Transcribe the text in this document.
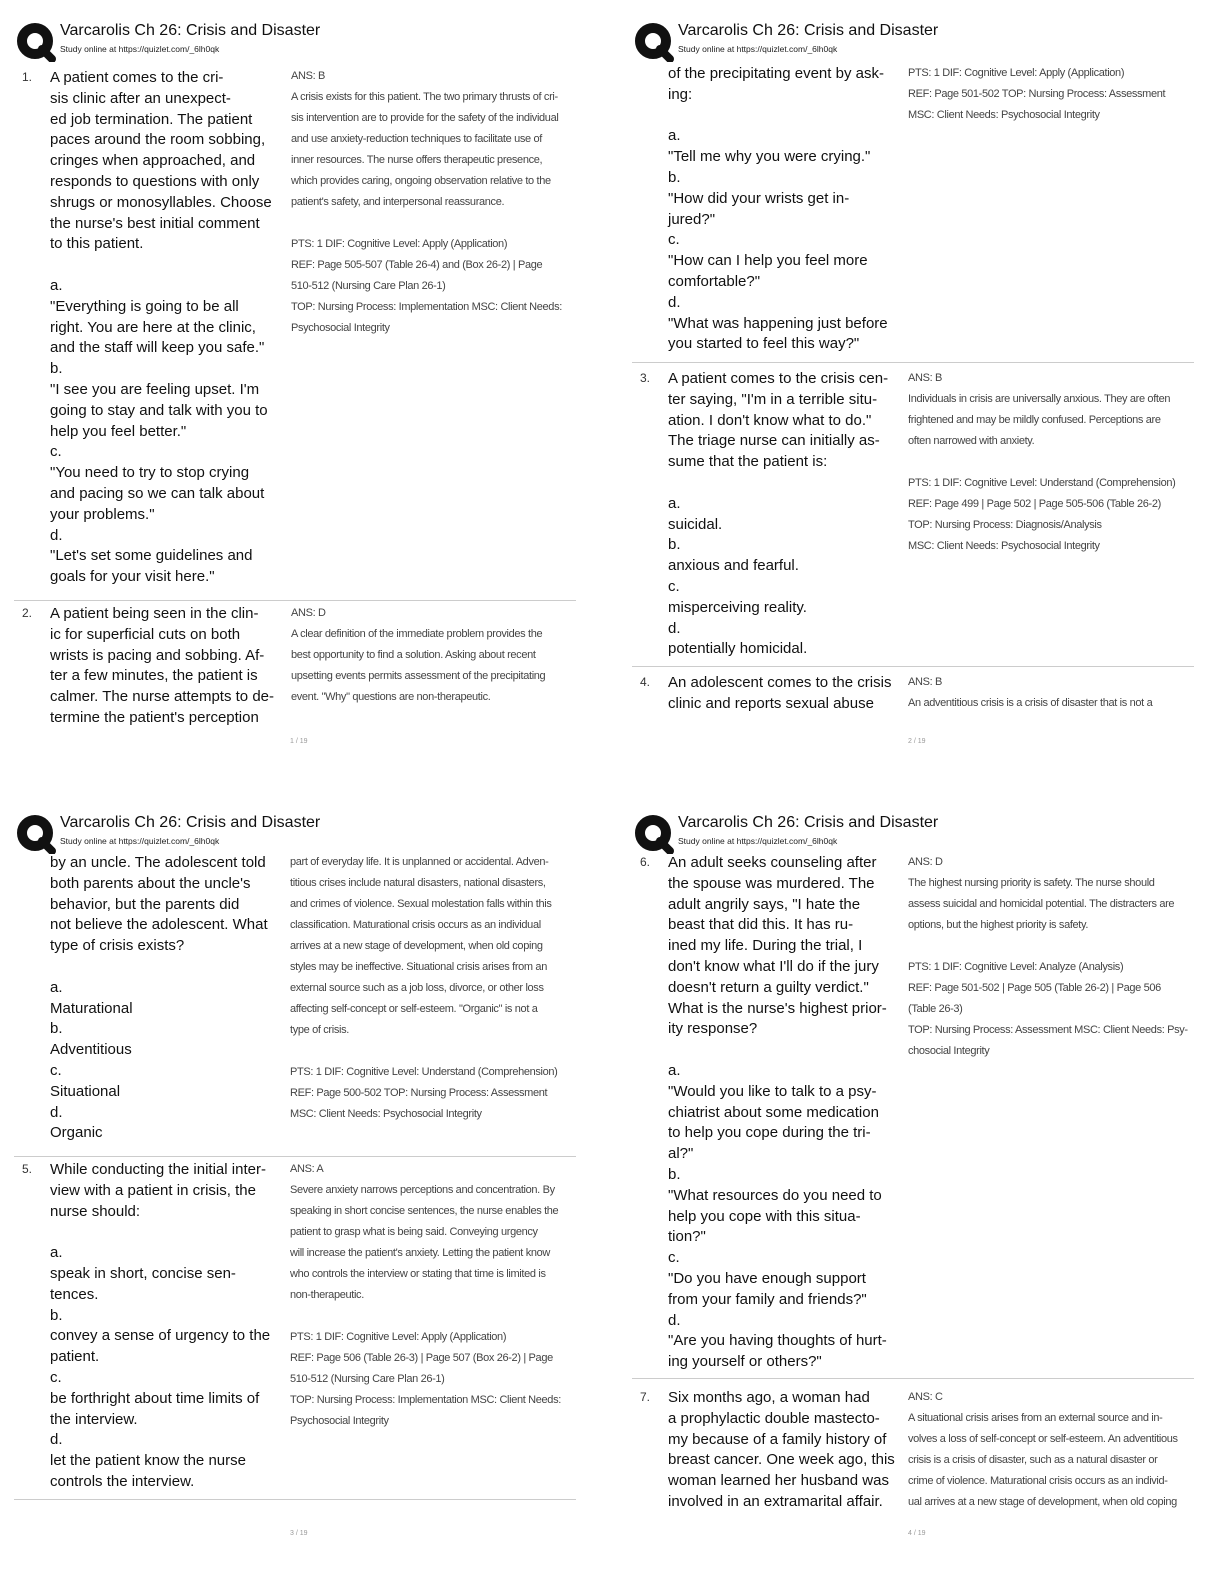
Varcarolis Ch 26: Crisis and Disaster
Study online at https://quizlet.com/_6lh0qk
1. A patient comes to the cri-
sis clinic after an unexpect-
ed job termination. The patient
paces around the room sobbing,
cringes when approached, and
responds to questions with only
shrugs or monosyllables. Choose
the nurse's best initial comment
to this patient.

a.
"Everything is going to be all
right. You are here at the clinic,
and the staff will keep you safe."
b.
"I see you are feeling upset. I'm
going to stay and talk with you to
help you feel better."
c.
"You need to try to stop crying
and pacing so we can talk about
your problems."
d.
"Let's set some guidelines and
goals for your visit here."
ANS: B
A crisis exists for this patient. The two primary thrusts of cri-
sis intervention are to provide for the safety of the individual
and use anxiety-reduction techniques to facilitate use of
inner resources. The nurse offers therapeutic presence,
which provides caring, ongoing observation relative to the
patient's safety, and interpersonal reassurance.

PTS: 1 DIF: Cognitive Level: Apply (Application)
REF: Page 505-507 (Table 26-4) and (Box 26-2) | Page
510-512 (Nursing Care Plan 26-1)
TOP: Nursing Process: Implementation MSC: Client Needs:
Psychosocial Integrity
2. A patient being seen in the clin-
ic for superficial cuts on both
wrists is pacing and sobbing. Af-
ter a few minutes, the patient is
calmer. The nurse attempts to de-
termine the patient's perception
ANS: D
A clear definition of the immediate problem provides the
best opportunity to find a solution. Asking about recent
upsetting events permits assessment of the precipitating
event. "Why" questions are non-therapeutic.
1 / 19
Varcarolis Ch 26: Crisis and Disaster
Study online at https://quizlet.com/_6lh0qk
of the precipitating event by ask-
ing:

a.
"Tell me why you were crying."
b.
"How did your wrists get in-
jured?"
c.
"How can I help you feel more
comfortable?"
d.
"What was happening just before
you started to feel this way?"
PTS: 1 DIF: Cognitive Level: Apply (Application)
REF: Page 501-502 TOP: Nursing Process: Assessment
MSC: Client Needs: Psychosocial Integrity
3. A patient comes to the crisis cen-
ter saying, "I'm in a terrible situ-
ation. I don't know what to do."
The triage nurse can initially as-
sume that the patient is:

a.
suicidal.
b.
anxious and fearful.
c.
misperceiving reality.
d.
potentially homicidal.
ANS: B
Individuals in crisis are universally anxious. They are often
frightened and may be mildly confused. Perceptions are
often narrowed with anxiety.

PTS: 1 DIF: Cognitive Level: Understand (Comprehension)
REF: Page 499 | Page 502 | Page 505-506 (Table 26-2)
TOP: Nursing Process: Diagnosis/Analysis
MSC: Client Needs: Psychosocial Integrity
4. An adolescent comes to the crisis
clinic and reports sexual abuse
ANS: B
An adventitious crisis is a crisis of disaster that is not a
2 / 19
Varcarolis Ch 26: Crisis and Disaster
Study online at https://quizlet.com/_6lh0qk
by an uncle. The adolescent told
both parents about the uncle's
behavior, but the parents did
not believe the adolescent. What
type of crisis exists?

a.
Maturational
b.
Adventitious
c.
Situational
d.
Organic
part of everyday life. It is unplanned or accidental. Adven-
titious crises include natural disasters, national disasters,
and crimes of violence. Sexual molestation falls within this
classification. Maturational crisis occurs as an individual
arrives at a new stage of development, when old coping
styles may be ineffective. Situational crisis arises from an
external source such as a job loss, divorce, or other loss
affecting self-concept or self-esteem. "Organic" is not a
type of crisis.

PTS: 1 DIF: Cognitive Level: Understand (Comprehension)
REF: Page 500-502 TOP: Nursing Process: Assessment
MSC: Client Needs: Psychosocial Integrity
5. While conducting the initial inter-
view with a patient in crisis, the
nurse should:

a.
speak in short, concise sen-
tences.
b.
convey a sense of urgency to the
patient.
c.
be forthright about time limits of
the interview.
d.
let the patient know the nurse
controls the interview.
ANS: A
Severe anxiety narrows perceptions and concentration. By
speaking in short concise sentences, the nurse enables the
patient to grasp what is being said. Conveying urgency
will increase the patient's anxiety. Letting the patient know
who controls the interview or stating that time is limited is
non-therapeutic.

PTS: 1 DIF: Cognitive Level: Apply (Application)
REF: Page 506 (Table 26-3) | Page 507 (Box 26-2) | Page
510-512 (Nursing Care Plan 26-1)
TOP: Nursing Process: Implementation MSC: Client Needs:
Psychosocial Integrity
3 / 19
Varcarolis Ch 26: Crisis and Disaster
Study online at https://quizlet.com/_6lh0qk
6. An adult seeks counseling after
the spouse was murdered. The
adult angrily says, "I hate the
beast that did this. It has ru-
ined my life. During the trial, I
don't know what I'll do if the jury
doesn't return a guilty verdict."
What is the nurse's highest prior-
ity response?

a.
"Would you like to talk to a psy-
chiatrist about some medication
to help you cope during the tri-
al?"
b.
"What resources do you need to
help you cope with this situa-
tion?"
c.
"Do you have enough support
from your family and friends?"
d.
"Are you having thoughts of hurt-
ing yourself or others?"
ANS: D
The highest nursing priority is safety. The nurse should
assess suicidal and homicidal potential. The distracters are
options, but the highest priority is safety.

PTS: 1 DIF: Cognitive Level: Analyze (Analysis)
REF: Page 501-502 | Page 505 (Table 26-2) | Page 506
(Table 26-3)
TOP: Nursing Process: Assessment MSC: Client Needs: Psy-
chosocial Integrity
7. Six months ago, a woman had
a prophylactic double mastecto-
my because of a family history of
breast cancer. One week ago, this
woman learned her husband was
involved in an extramarital affair.
ANS: C
A situational crisis arises from an external source and in-
volves a loss of self-concept or self-esteem. An adventitious
crisis is a crisis of disaster, such as a natural disaster or
crime of violence. Maturational crisis occurs as an individ-
ual arrives at a new stage of development, when old coping
4 / 19
